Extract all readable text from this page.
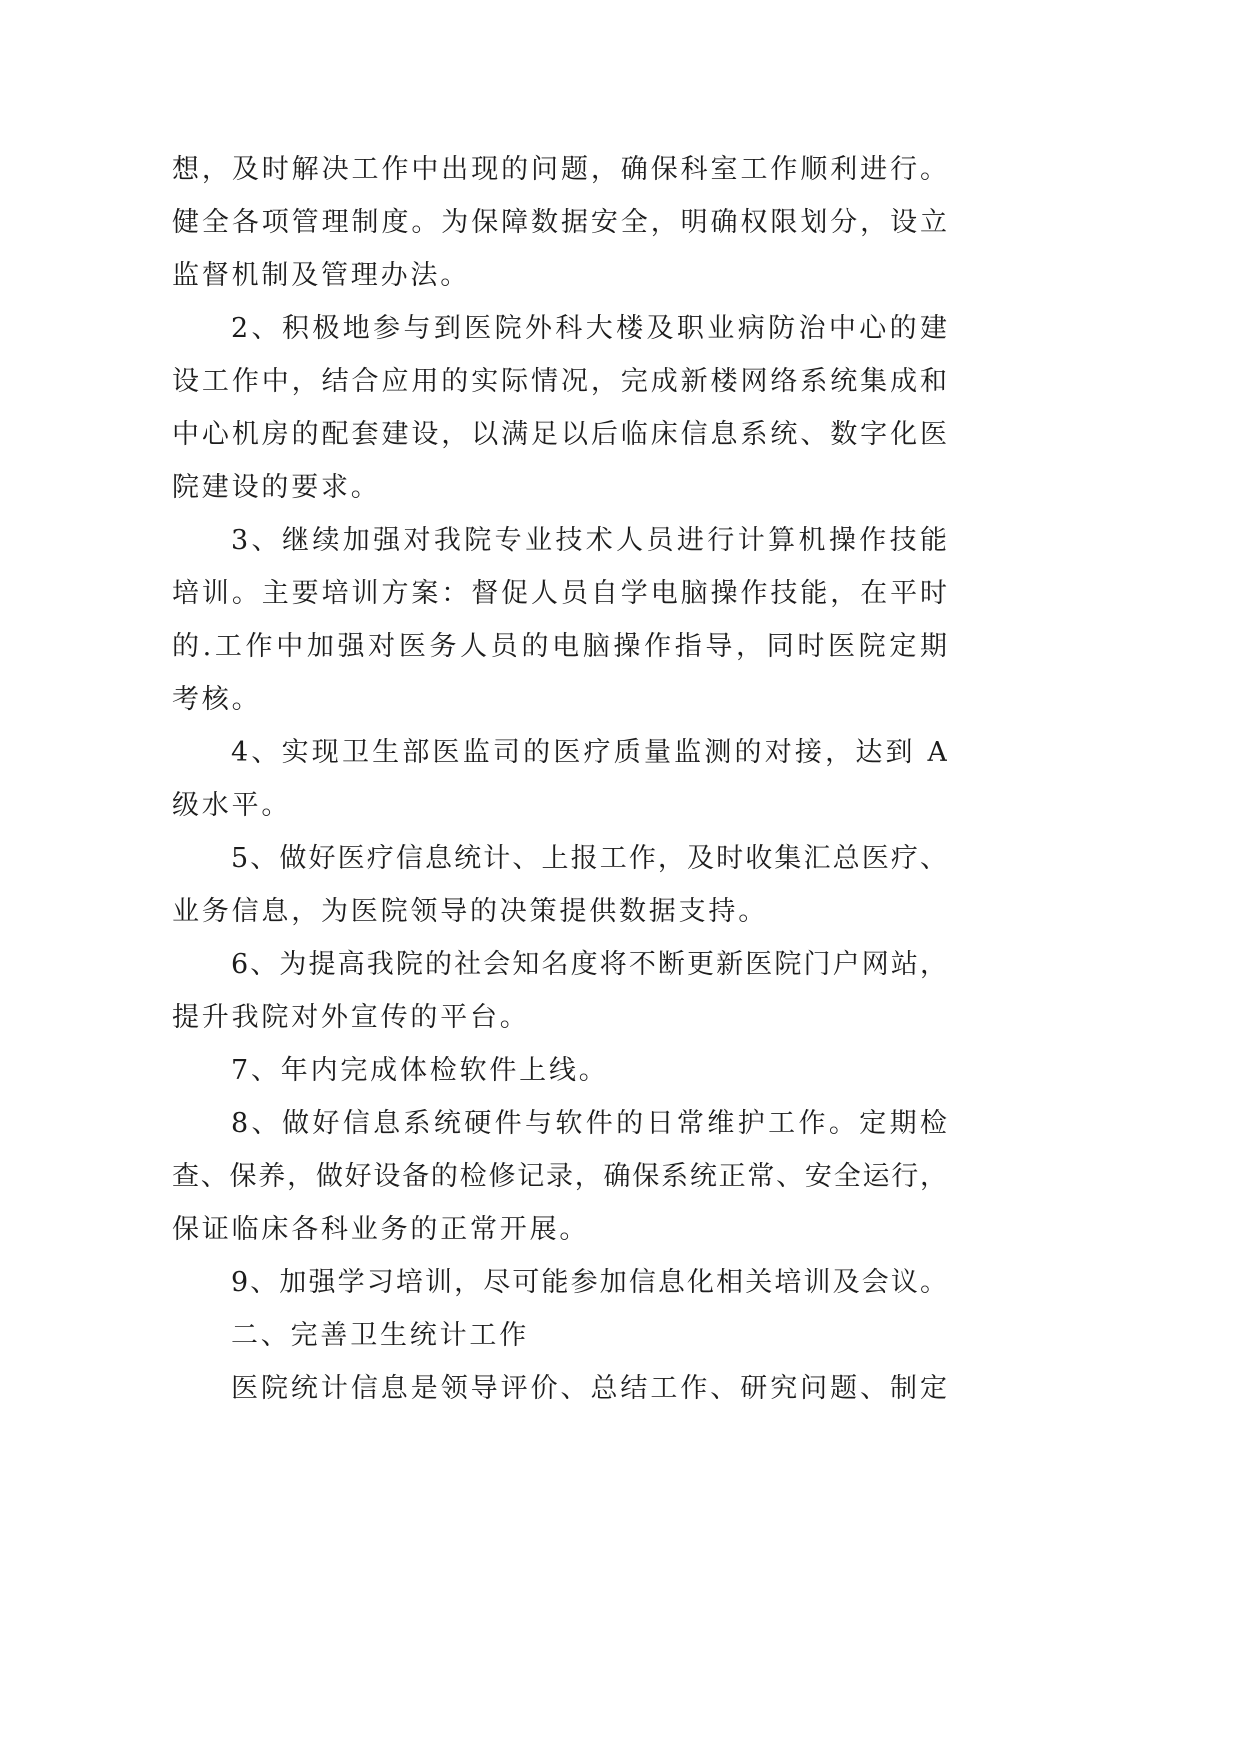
想，及时解决工作中出现的问题，确保科室工作顺利进行。
健全各项管理制度。为保障数据安全，明确权限划分，设立
监督机制及管理办法。
2、积极地参与到医院外科大楼及职业病防治中心的建
设工作中，结合应用的实际情况，完成新楼网络系统集成和
中心机房的配套建设，以满足以后临床信息系统、数字化医
院建设的要求。
3、继续加强对我院专业技术人员进行计算机操作技能
培训。主要培训方案：督促人员自学电脑操作技能，在平时
的.工作中加强对医务人员的电脑操作指导，同时医院定期
考核。
4、实现卫生部医监司的医疗质量监测的对接，达到 A
级水平。
5、做好医疗信息统计、上报工作，及时收集汇总医疗、
业务信息，为医院领导的决策提供数据支持。
6、为提高我院的社会知名度将不断更新医院门户网站，
提升我院对外宣传的平台。
7、年内完成体检软件上线。
8、做好信息系统硬件与软件的日常维护工作。定期检
查、保养，做好设备的检修记录，确保系统正常、安全运行，
保证临床各科业务的正常开展。
9、加强学习培训，尽可能参加信息化相关培训及会议。
二、完善卫生统计工作
医院统计信息是领导评价、总结工作、研究问题、制定
